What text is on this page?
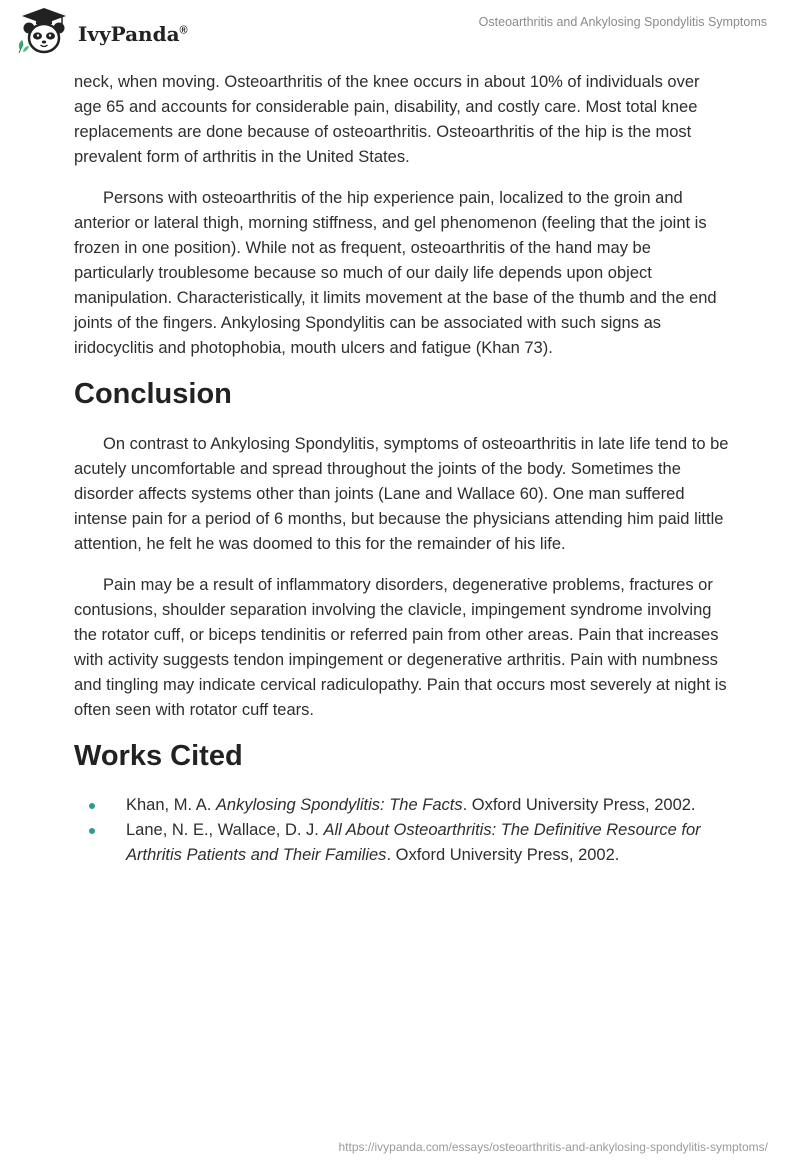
IvyPanda®
Osteoarthritis and Ankylosing Spondylitis Symptoms

neck, when moving. Osteoarthritis of the knee occurs in about 10% of individuals over age 65 and accounts for considerable pain, disability, and costly care. Most total knee replacements are done because of osteoarthritis. Osteoarthritis of the hip is the most prevalent form of arthritis in the United States.

Persons with osteoarthritis of the hip experience pain, localized to the groin and anterior or lateral thigh, morning stiffness, and gel phenomenon (feeling that the joint is frozen in one position). While not as frequent, osteoarthritis of the hand may be particularly troublesome because so much of our daily life depends upon object manipulation. Characteristically, it limits movement at the base of the thumb and the end joints of the fingers. Ankylosing Spondylitis can be associated with such signs as iridocyclitis and photophobia, mouth ulcers and fatigue (Khan 73).

Conclusion

On contrast to Ankylosing Spondylitis, symptoms of osteoarthritis in late life tend to be acutely uncomfortable and spread throughout the joints of the body. Sometimes the disorder affects systems other than joints (Lane and Wallace 60). One man suffered intense pain for a period of 6 months, but because the physicians attending him paid little attention, he felt he was doomed to this for the remainder of his life.

Pain may be a result of inflammatory disorders, degenerative problems, fractures or contusions, shoulder separation involving the clavicle, impingement syndrome involving the rotator cuff, or biceps tendinitis or referred pain from other areas. Pain that increases with activity suggests tendon impingement or degenerative arthritis. Pain with numbness and tingling may indicate cervical radiculopathy. Pain that occurs most severely at night is often seen with rotator cuff tears.

Works Cited
Khan, M. A. Ankylosing Spondylitis: The Facts. Oxford University Press, 2002.
Lane, N. E., Wallace, D. J. All About Osteoarthritis: The Definitive Resource for Arthritis Patients and Their Families. Oxford University Press, 2002.
https://ivypanda.com/essays/osteoarthritis-and-ankylosing-spondylitis-symptoms/
